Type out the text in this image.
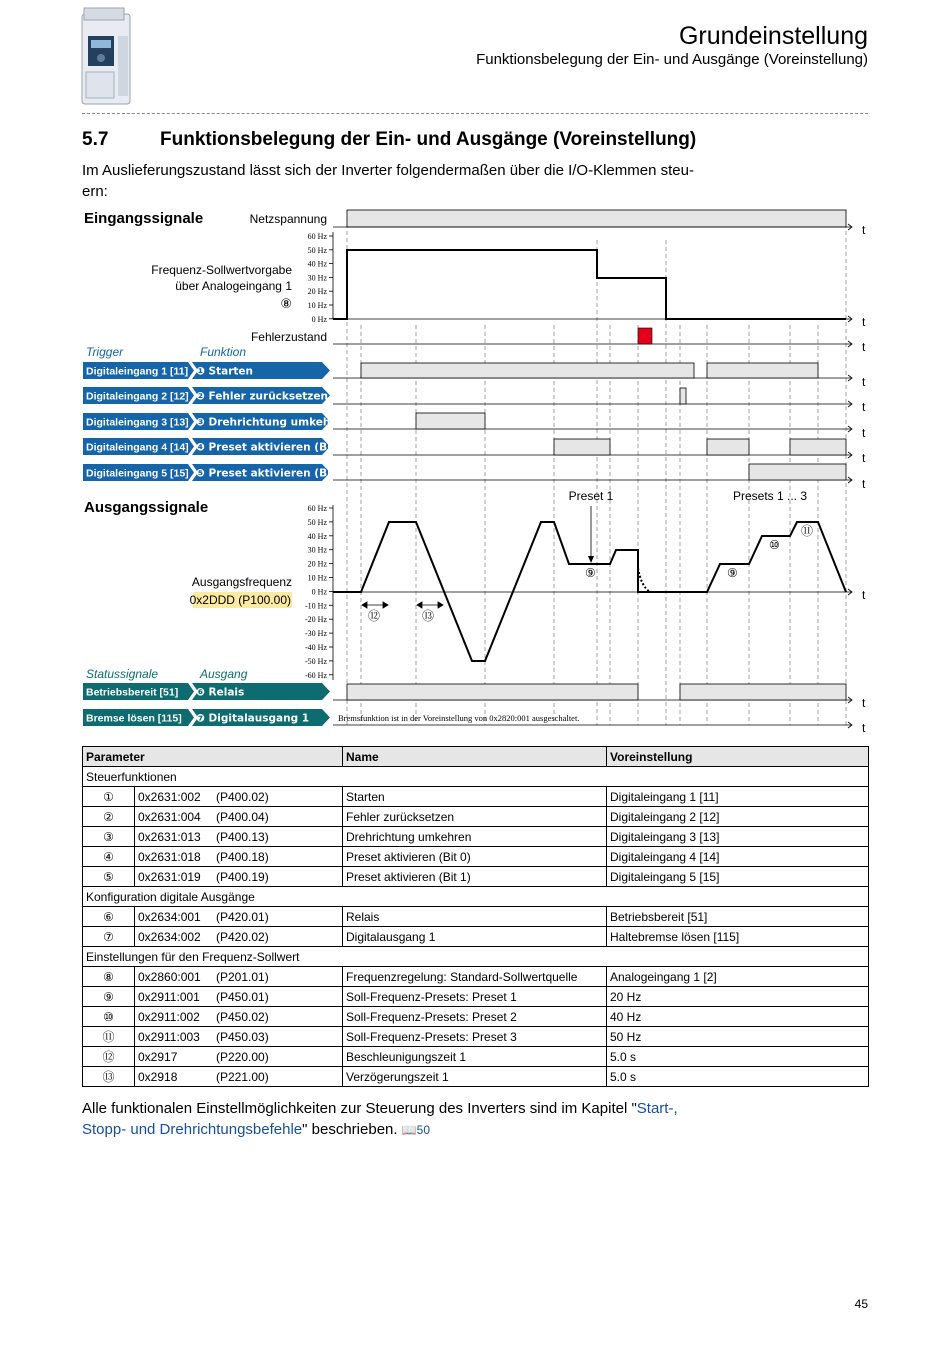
Grundeinstellung
Funktionsbelegung der Ein- und Ausgänge (Voreinstellung)
5.7	Funktionsbelegung der Ein- und Ausgänge (Voreinstellung)
Im Auslieferungszustand lässt sich der Inverter folgendermaßen über die I/O-Klemmen steu-ern:
Eingangssignale
Ausgangssignale
Netzspannung
t
t
t
t
t
t
t
t
t
t
t
60 Hz
50 Hz
40 Hz
30 Hz
20 Hz
10 Hz
0 Hz
Frequenz-Sollwertvorgabe
über Analogeingang 1
⑧
Fehlerzustand
Trigger	Funktion
Digitaleingang 1 [11] ❶ Starten
Digitaleingang 2 [12] ❷ Fehler zurücksetzen
Digitaleingang 3 [13] ❸ Drehrichtung umkehren
Digitaleingang 4 [14] ❹ Preset aktivieren (Bit 0)
Digitaleingang 5 [15] ❺ Preset aktivieren (Bit 1)
60 Hz
50 Hz
40 Hz
30 Hz
20 Hz
10 Hz
0 Hz
-10 Hz
-20 Hz
-30 Hz
-40 Hz
-50 Hz
-60 Hz
Ausgangsfrequenz
0x2DDD (P100.00)
⑫	⑬
⑨	⑨
⑩
⑪
Preset 1	Presets 1 ... 3
Statussignale	Ausgang
Betriebsbereit [51] ❻ Relais
Bremse lösen [115] ❼ Digitalausgang 1	Bremsfunktion ist in der Voreinstellung von 0x2820:001 ausgeschaltet.
Parameter		Name	Voreinstellung
Steuerfunktionen			
①	0x2631:002 (P400.02)	Starten	Digitaleingang 1 [11]
②	0x2631:004 (P400.04)	Fehler zurücksetzen	Digitaleingang 2 [12]
③	0x2631:013 (P400.13)	Drehrichtung umkehren	Digitaleingang 3 [13]
④	0x2631:018 (P400.18)	Preset aktivieren (Bit 0)	Digitaleingang 4 [14]
⑤	0x2631:019 (P400.19)	Preset aktivieren (Bit 1)	Digitaleingang 5 [15]
Konfiguration digitale Ausgänge			
⑥	0x2634:001 (P420.01)	Relais	Betriebsbereit [51]
⑦	0x2634:002 (P420.02)	Digitalausgang 1	Haltebremse lösen [115]
Einstellungen für den Frequenz-Sollwert			
⑧	0x2860:001 (P201.01)	Frequenzregelung: Standard-Sollwertquelle	Analogeingang 1 [2]
⑨	0x2911:001 (P450.01)	Soll-Frequenz-Presets: Preset 1	20 Hz
⑩	0x2911:002 (P450.02)	Soll-Frequenz-Presets: Preset 2	40 Hz
⑪	0x2911:003 (P450.03)	Soll-Frequenz-Presets: Preset 3	50 Hz
⑫	0x2917 (P220.00)	Beschleunigungszeit 1	5.0 s
⑬	0x2918 (P221.00)	Verzögerungszeit 1	5.0 s
Alle funktionalen Einstellmöglichkeiten zur Steuerung des Inverters sind im Kapitel "Start-, Stopp- und Drehrichtungsbefehle" beschrieben. 📖50
45
